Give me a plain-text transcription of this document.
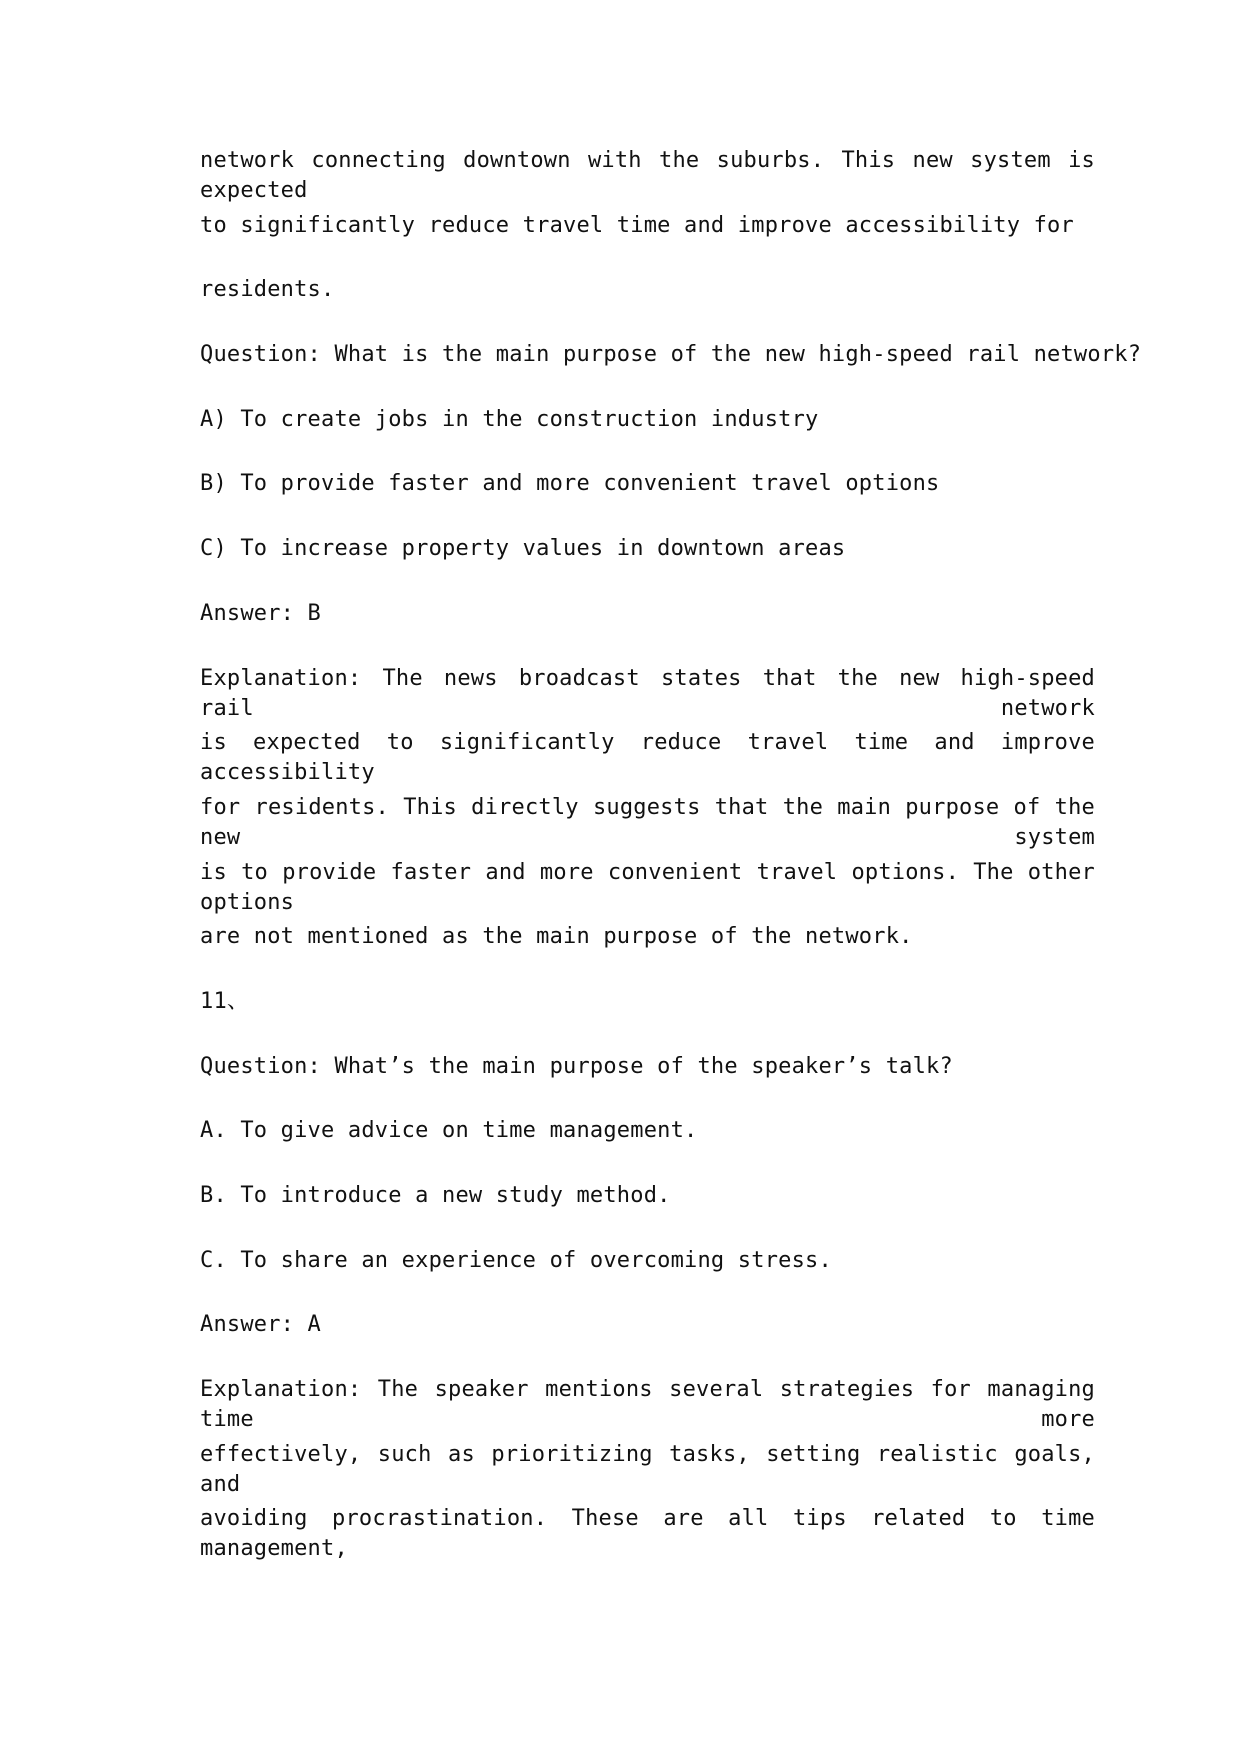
network connecting downtown with the suburbs. This new system is expected
to significantly reduce travel time and improve accessibility for
residents.
Question: What is the main purpose of the new high-speed rail network?
A) To create jobs in the construction industry
B) To provide faster and more convenient travel options
C) To increase property values in downtown areas
Answer: B
Explanation: The news broadcast states that the new high-speed rail network
is expected to significantly reduce travel time and improve accessibility
for residents. This directly suggests that the main purpose of the new system
is to provide faster and more convenient travel options. The other options
are not mentioned as the main purpose of the network.
11、
Question: What’s the main purpose of the speaker’s talk?
A. To give advice on time management.
B. To introduce a new study method.
C. To share an experience of overcoming stress.
Answer: A
Explanation: The speaker mentions several strategies for managing time more
effectively, such as prioritizing tasks, setting realistic goals, and
avoiding procrastination. These are all tips related to time management,
